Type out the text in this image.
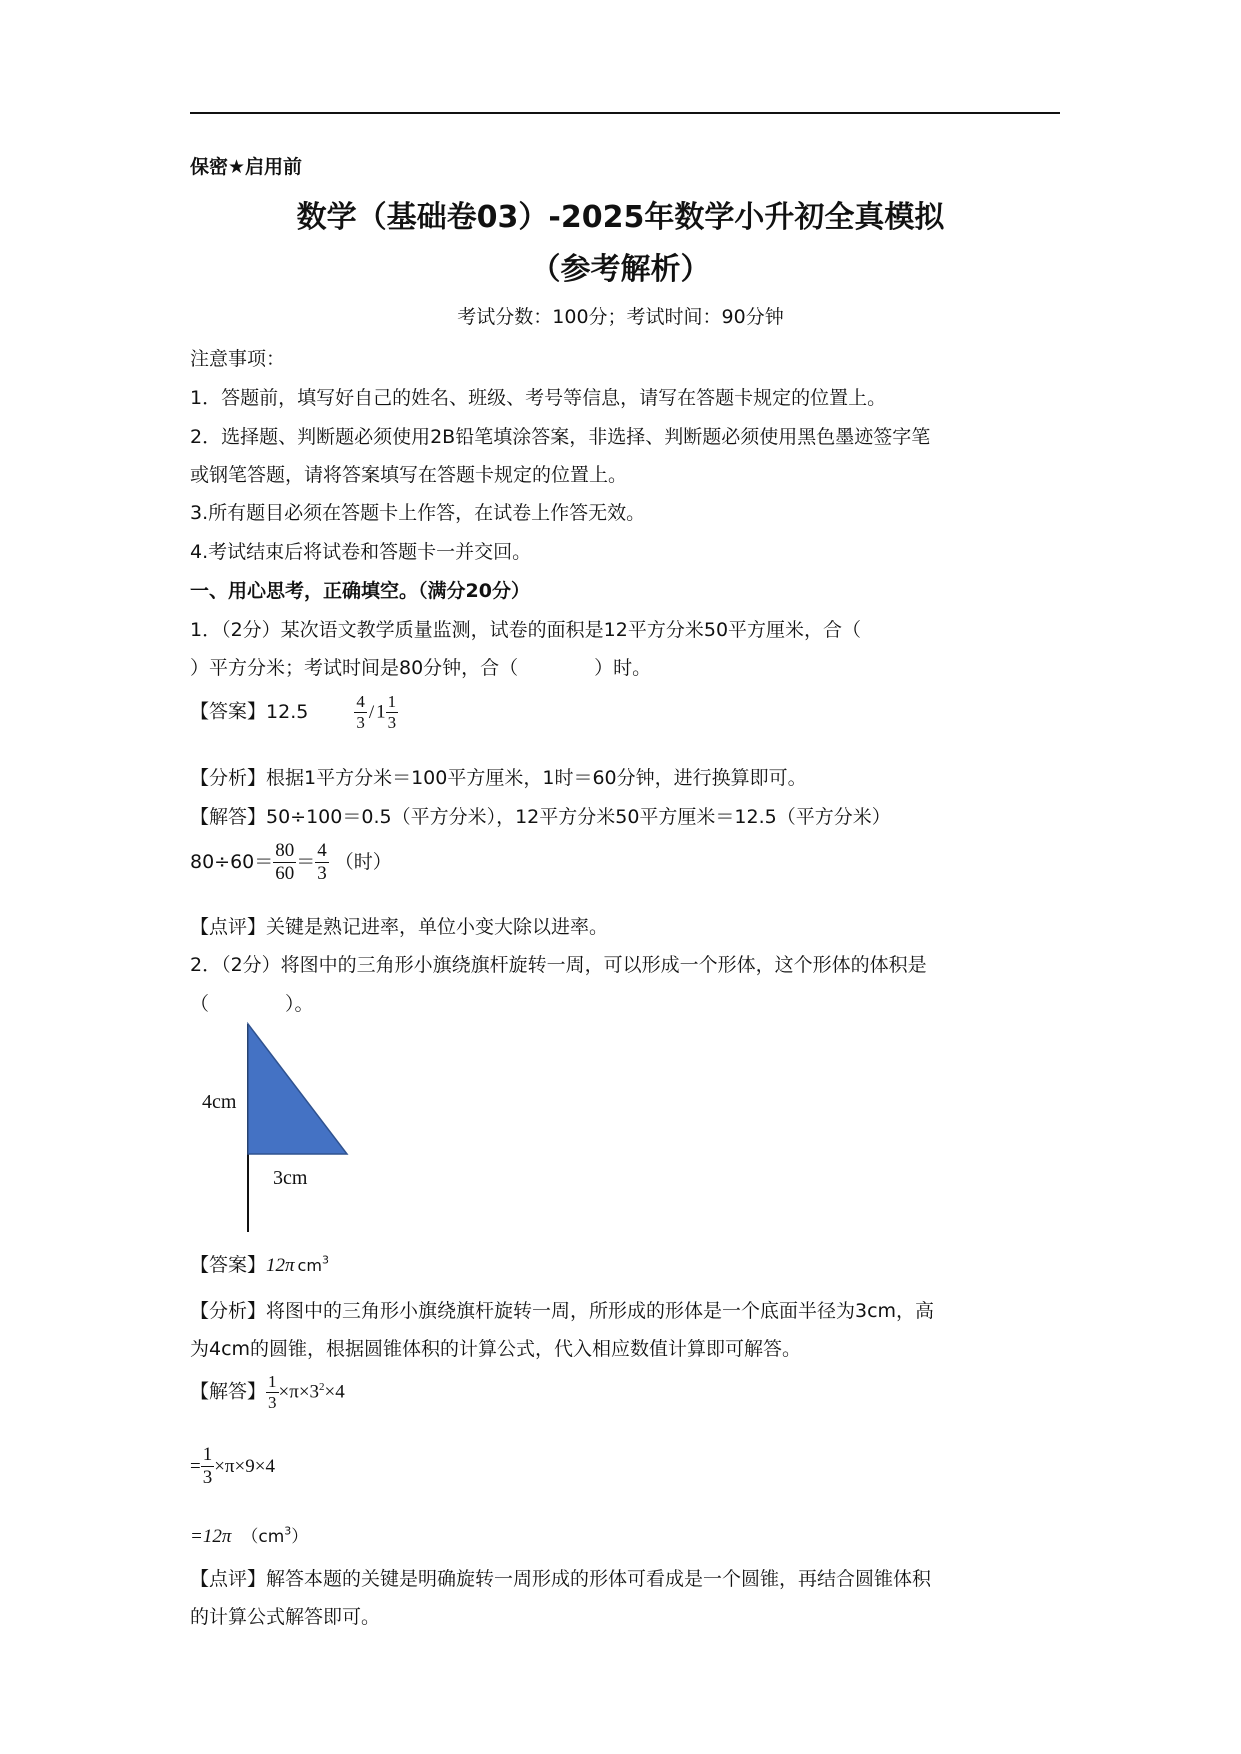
保密★启用前
数学（基础卷03）-2025年数学小升初全真模拟
（参考解析）
考试分数：100分；考试时间：90分钟
注意事项：
1．答题前，填写好自己的姓名、班级、考号等信息，请写在答题卡规定的位置上。
2．选择题、判断题必须使用2B铅笔填涂答案，非选择、判断题必须使用黑色墨迹签字笔
或钢笔答题，请将答案填写在答题卡规定的位置上。
3.所有题目必须在答题卡上作答，在试卷上作答无效。
4.考试结束后将试卷和答题卡一并交回。
一、用心思考，正确填空。（满分20分）
1．（2分）某次语文教学质量监测，试卷的面积是12平方分米50平方厘米，合（
）平方分米；考试时间是80分钟，合（　　　　）时。
【答案】12.5	$\frac{4}{3} / 1 \frac{1}{3}$
【分析】根据1平方分米＝100平方厘米，1时＝60分钟，进行换算即可。
【解答】50÷100＝0.5（平方分米），12平方分米50平方厘米＝12.5（平方分米）
$80\div 60= \frac{80}{60} = \frac{4}{3}$ （时）
【点评】关键是熟记进率，单位小变大除以进率。
2．（2分）将图中的三角形小旗绕旗杆旋转一周，可以形成一个形体，这个形体的体积是
（　　　　）。
4cm
3cm
【答案】12π $cm^3$
【分析】将图中的三角形小旗绕旗杆旋转一周，所形成的形体是一个底面半径为3cm，高
为4cm的圆锥，根据圆锥体积的计算公式，代入相应数值计算即可解答。
【解答】 $\frac{1}{3} \times\pi\times 3^2\times 4$
= $\frac{1}{3} \times\pi\times 9\times 4$
=12π $(cm^3)$
【点评】解答本题的关键是明确旋转一周形成的形体可看成是一个圆锥，再结合圆锥体积
的计算公式解答即可。
